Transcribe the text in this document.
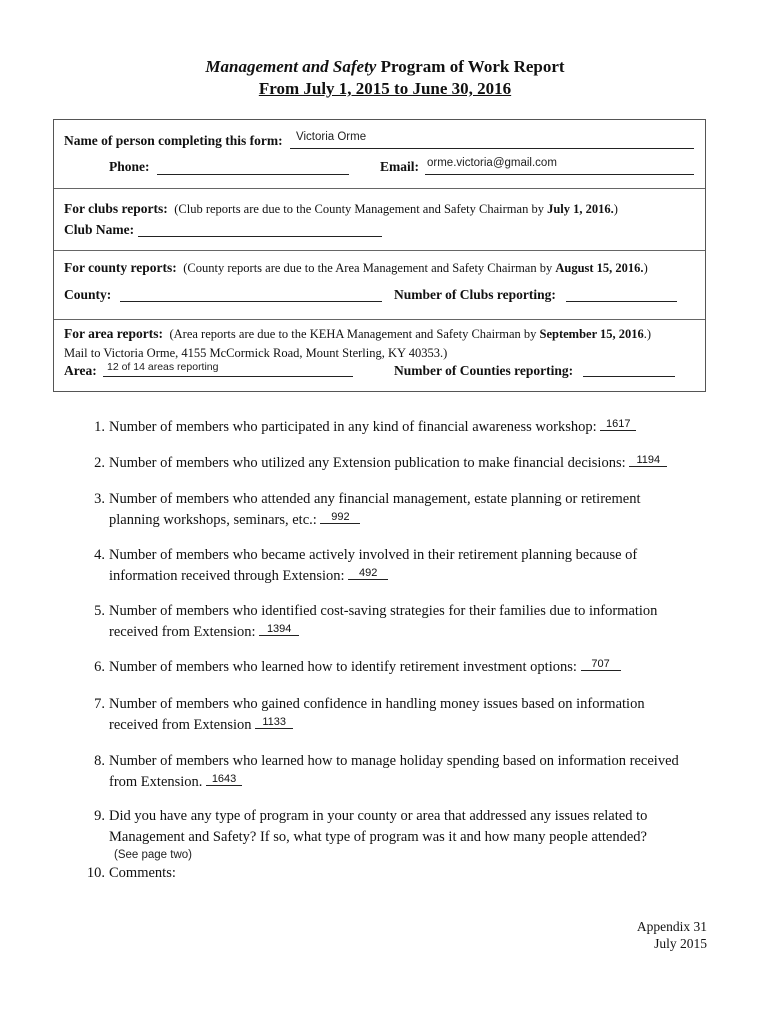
Management and Safety Program of Work Report
From July 1, 2015 to June 30, 2016
Name of person completing this form: Victoria Orme
Phone:	Email: orme.victoria@gmail.com
For clubs reports: (Club reports are due to the County Management and Safety Chairman by July 1, 2016.)
Club Name:
For county reports: (County reports are due to the Area Management and Safety Chairman by August 15, 2016.)
County:	Number of Clubs reporting:
For area reports: (Area reports are due to the KEHA Management and Safety Chairman by September 15, 2016.)
Mail to Victoria Orme, 4155 McCormick Road, Mount Sterling, KY 40353.)
Area: 12 of 14 areas reporting	Number of Counties reporting:
1. Number of members who participated in any kind of financial awareness workshop: 1617
2. Number of members who utilized any Extension publication to make financial decisions: 1194
3. Number of members who attended any financial management, estate planning or retirement
planning workshops, seminars, etc.: 992
4. Number of members who became actively involved in their retirement planning because of
information received through Extension: 492
5. Number of members who identified cost-saving strategies for their families due to information
received from Extension: 1394
6. Number of members who learned how to identify retirement investment options: 707
7. Number of members who gained confidence in handling money issues based on information
received from Extension 1133
8. Number of members who learned how to manage holiday spending based on information received
from Extension. 1643
9. Did you have any type of program in your county or area that addressed any issues related to
Management and Safety? If so, what type of program was it and how many people attended?
(See page two)
10. Comments:
Appendix 31
July 2015
